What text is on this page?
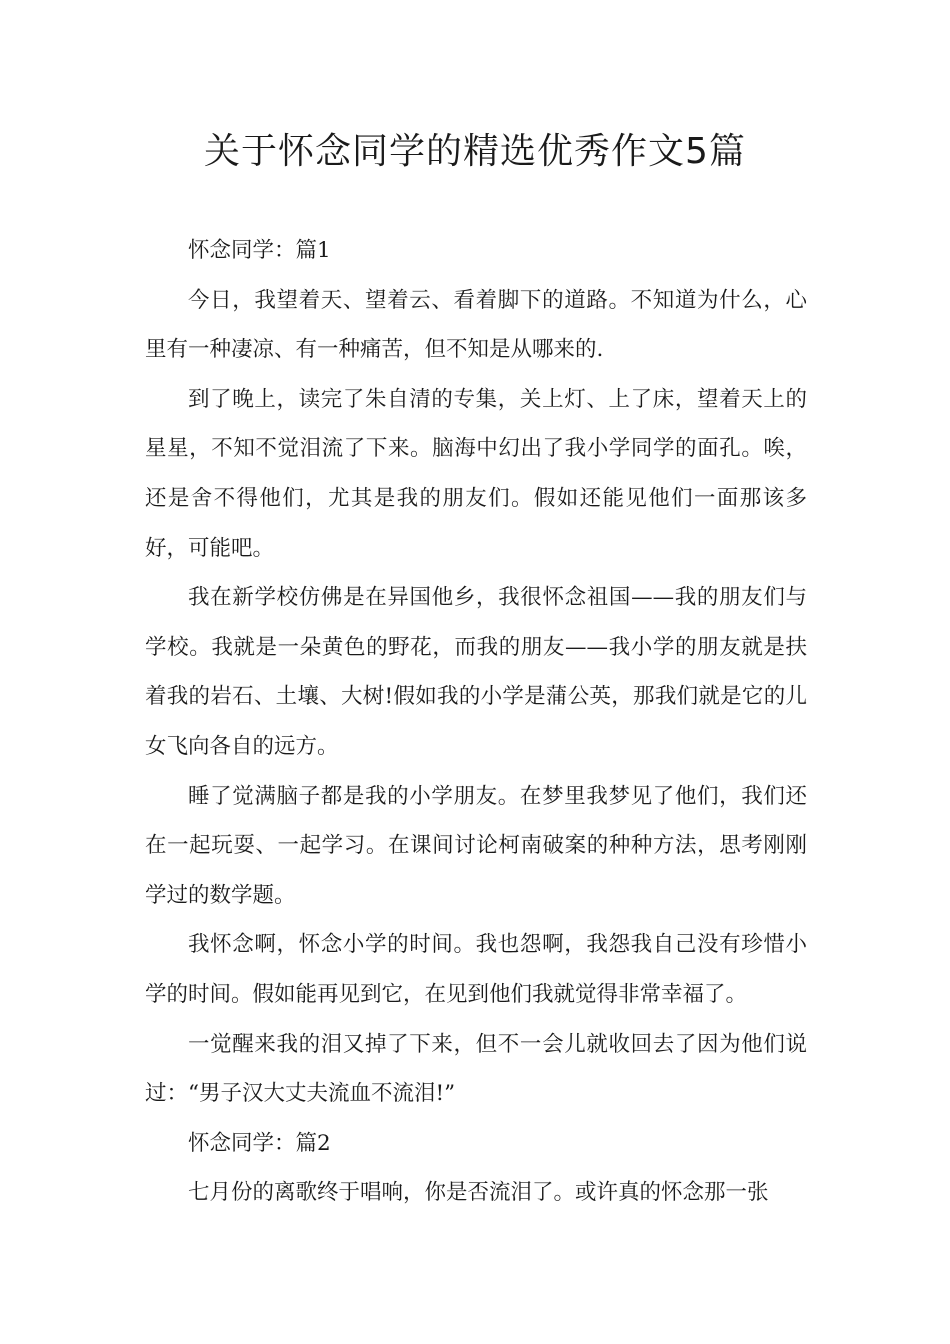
关于怀念同学的精选优秀作文5篇

怀念同学：篇1

今日，我望着天、望着云、看着脚下的道路。不知道为什么，心里有一种凄凉、有一种痛苦，但不知是从哪来的.

到了晚上，读完了朱自清的专集，关上灯、上了床，望着天上的星星，不知不觉泪流了下来。脑海中幻出了我小学同学的面孔。唉，还是舍不得他们，尤其是我的朋友们。假如还能见他们一面那该多好，可能吧。

我在新学校仿佛是在异国他乡，我很怀念祖国——我的朋友们与学校。我就是一朵黄色的野花，而我的朋友——我小学的朋友就是扶着我的岩石、土壤、大树!假如我的小学是蒲公英，那我们就是它的儿女飞向各自的远方。

睡了觉满脑子都是我的小学朋友。在梦里我梦见了他们，我们还在一起玩耍、一起学习。在课间讨论柯南破案的种种方法，思考刚刚学过的数学题。

我怀念啊，怀念小学的时间。我也怨啊，我怨我自己没有珍惜小学的时间。假如能再见到它，在见到他们我就觉得非常幸福了。

一觉醒来我的泪又掉了下来，但不一会儿就收回去了因为他们说过：“男子汉大丈夫流血不流泪!”

怀念同学：篇2

七月份的离歌终于唱响，你是否流泪了。或许真的怀念那一张
